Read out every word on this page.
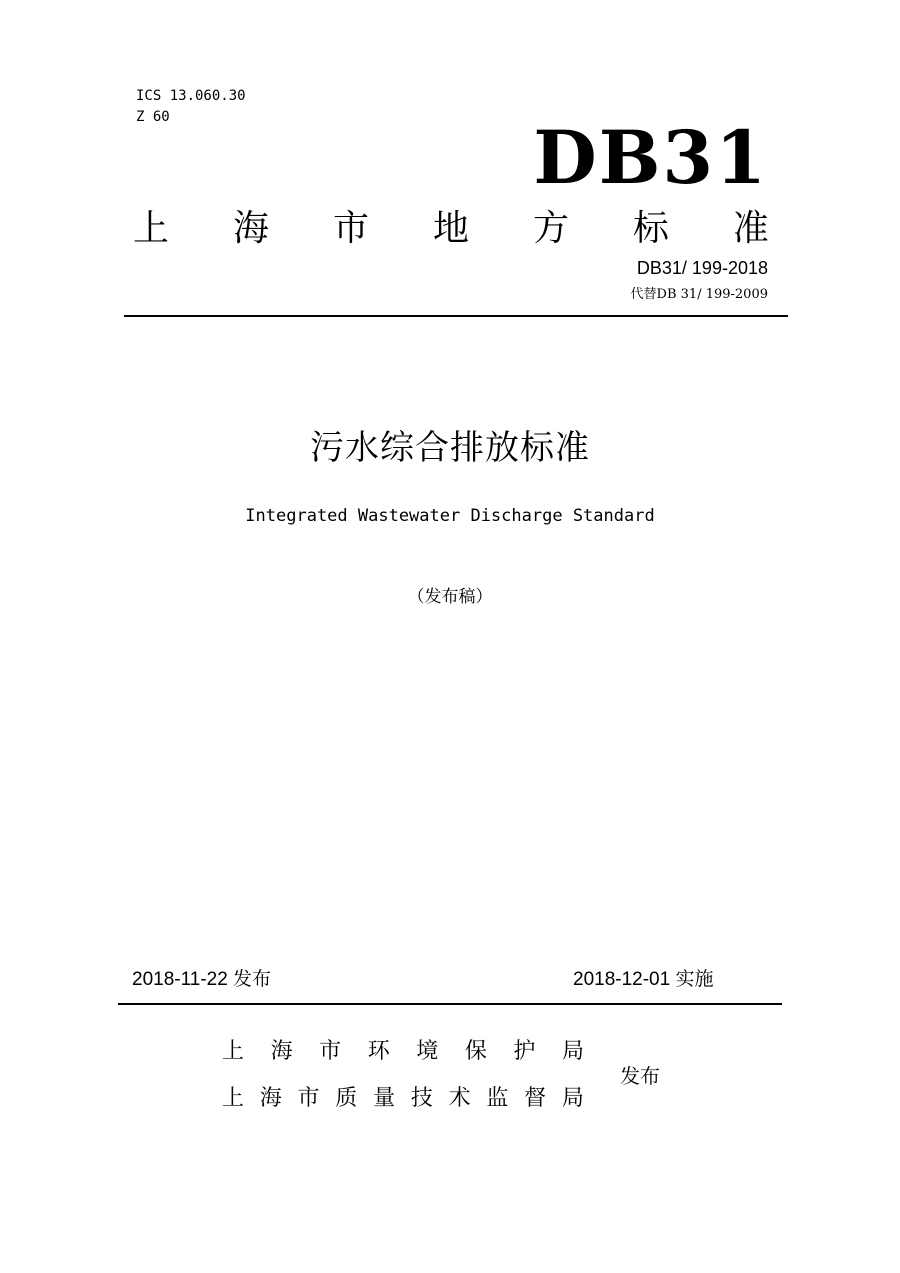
ICS 13.060.30
Z 60	DB31
上 海 市 地 方 标 准
DB31/ 199-2018
代替DB 31/ 199-2009
污水综合排放标准
Integrated Wastewater Discharge Standard
（发布稿）
2018-11-22 发布	2018-12-01 实施
上 海 市 环 境 保 护 局
上 海 市 质 量 技 术 监 督 局
发布
